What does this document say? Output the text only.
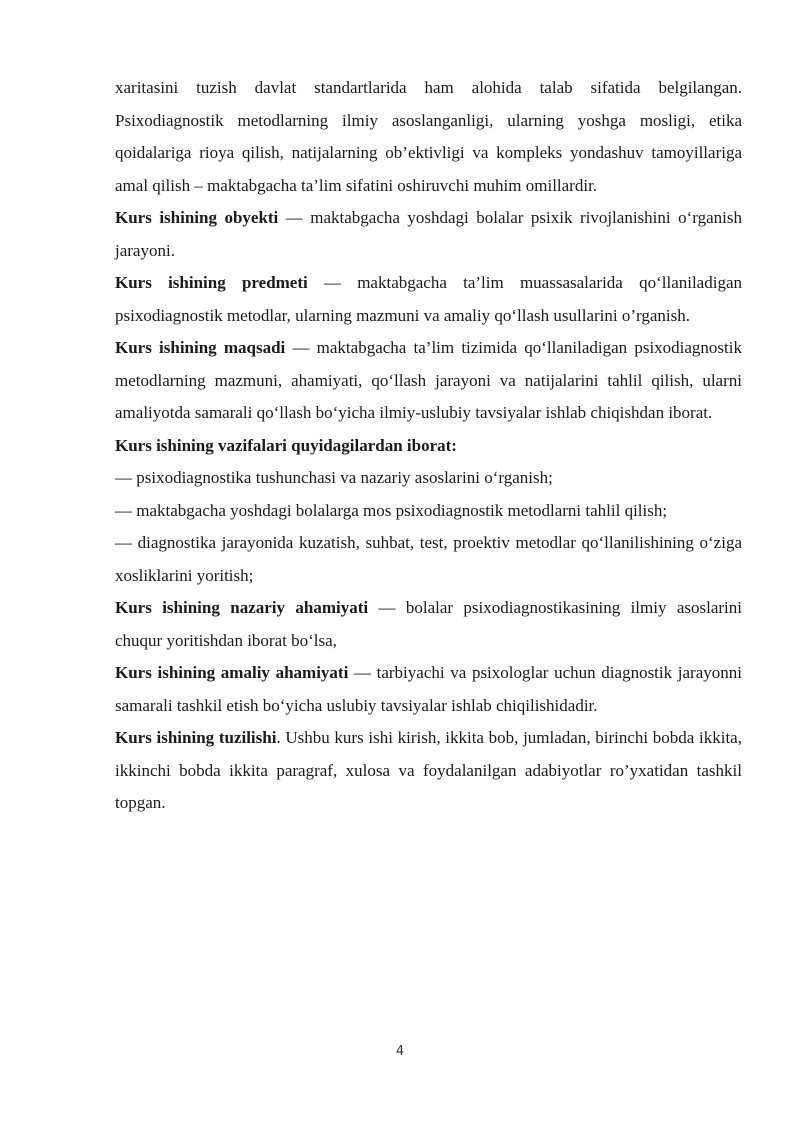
xaritasini tuzish davlat standartlarida ham alohida talab sifatida belgilangan. Psixodiagnostik metodlarning ilmiy asoslanganligi, ularning yoshga mosligi, etika qoidalariga rioya qilish, natijalarning ob’ektivligi va kompleks yondashuv tamoyillariga amal qilish – maktabgacha ta’lim sifatini oshiruvchi muhim omillardir.

Kurs ishining obyekti — maktabgacha yoshdagi bolalar psixik rivojlanishini o‘rganish jarayoni.

Kurs ishining predmeti — maktabgacha ta’lim muassasalarida qo‘llaniladigan psixodiagnostik metodlar, ularning mazmuni va amaliy qo‘llash usullarini o’rganish.

Kurs ishining maqsadi — maktabgacha ta’lim tizimida qo‘llaniladigan psixodiagnostik metodlarning mazmuni, ahamiyati, qo‘llash jarayoni va natijalarini tahlil qilish, ularni amaliyotda samarali qo‘llash bo‘yicha ilmiy-uslubiy tavsiyalar ishlab chiqishdan iborat.

Kurs ishining vazifalari quyidagilardan iborat:

— psixodiagnostika tushunchasi va nazariy asoslarini o‘rganish;

— maktabgacha yoshdagi bolalarga mos psixodiagnostik metodlarni tahlil qilish;

— diagnostika jarayonida kuzatish, suhbat, test, proektiv metodlar qo‘llanilishining o‘ziga xosliklarini yoritish;

Kurs ishining nazariy ahamiyati — bolalar psixodiagnostikasining ilmiy asoslarini chuqur yoritishdan iborat bo‘lsa,

Kurs ishining amaliy ahamiyati — tarbiyachi va psixologlar uchun diagnostik jarayonni samarali tashkil etish bo‘yicha uslubiy tavsiyalar ishlab chiqilishidadir.

Kurs ishining tuzilishi. Ushbu kurs ishi kirish, ikkita bob, jumladan, birinchi bobda ikkita, ikkinchi bobda ikkita paragraf, xulosa va foydalanilgan adabiyotlar ro’yxatidan tashkil topgan.

4
